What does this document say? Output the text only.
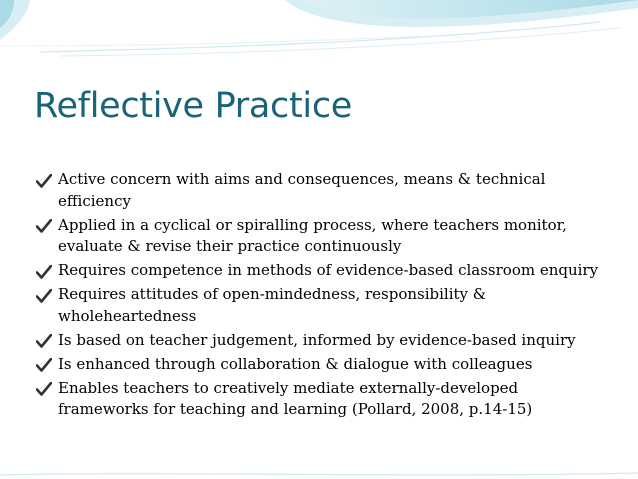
Reflective Practice
Active concern with aims and consequences, means & technical efficiency
Applied in a cyclical or spiralling process, where teachers monitor, evaluate & revise their practice continuously
Requires competence in methods of evidence-based classroom enquiry
Requires attitudes of open-mindedness, responsibility & wholeheartedness
Is based on teacher judgement, informed by evidence-based inquiry
Is enhanced through collaboration & dialogue with colleagues
Enables teachers to creatively mediate externally-developed frameworks for teaching and learning (Pollard, 2008, p.14-15)
